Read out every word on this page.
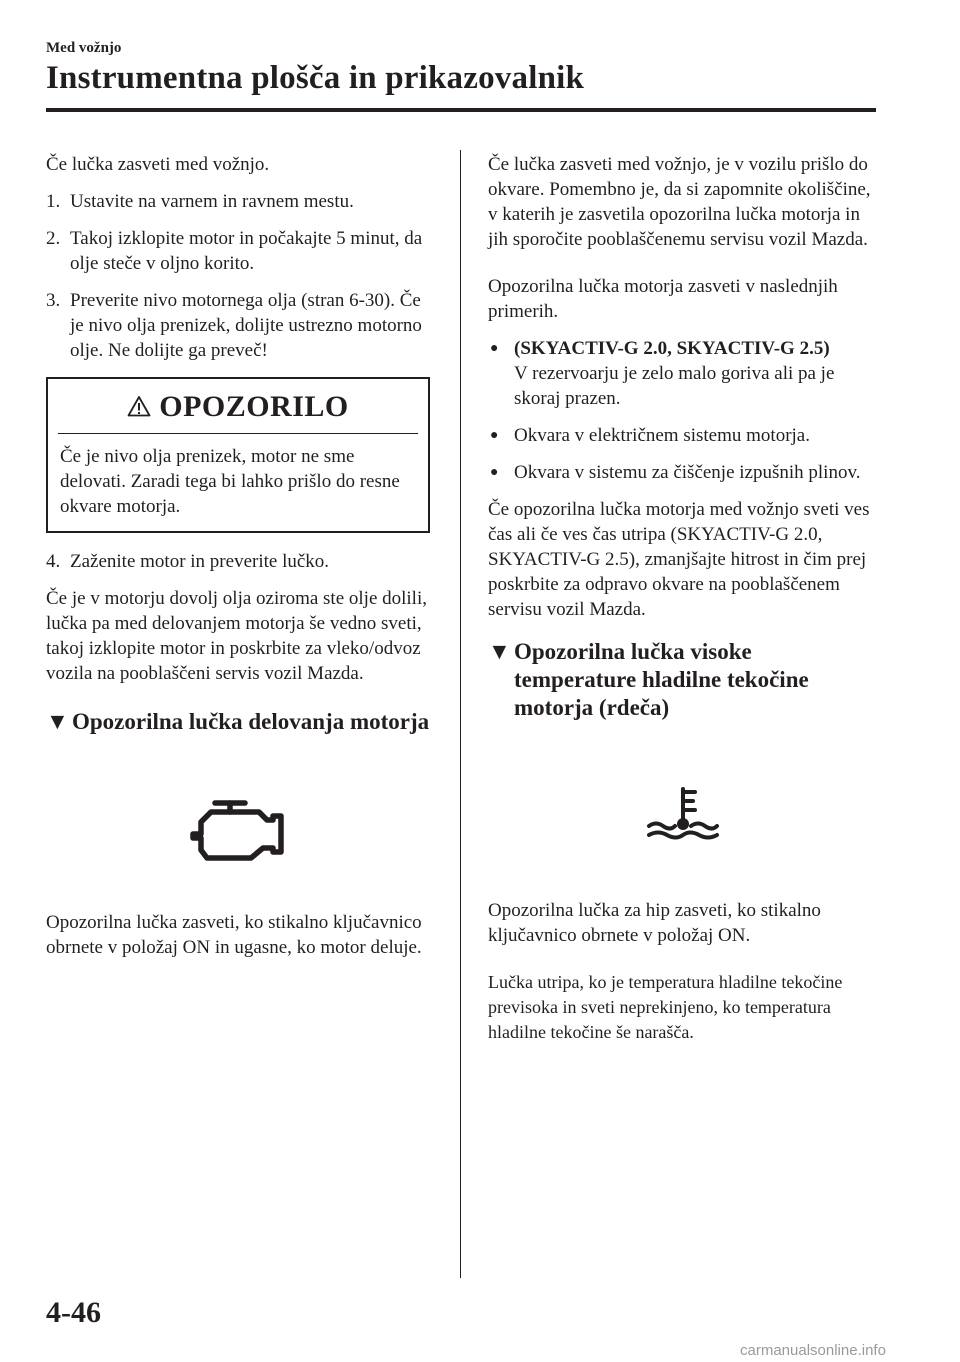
Med vožnjo
Instrumentna plošča in prikazovalnik

Če lučka zasveti med vožnjo.

1. Ustavite na varnem in ravnem mestu.
2. Takoj izklopite motor in počakajte 5 minut, da olje steče v oljno korito.
3. Preverite nivo motornega olja (stran 6-30). Če je nivo olja prenizek, dolijte ustrezno motorno olje. Ne dolijte ga preveč!
OPOZORILO
Če je nivo olja prenizek, motor ne sme delovati. Zaradi tega bi lahko prišlo do resne okvare motorja.
4. Zaženite motor in preverite lučko.

Če je v motorju dovolj olja oziroma ste olje dolili, lučka pa med delovanjem motorja še vedno sveti, takoj izklopite motor in poskrbite za vleko/odvoz vozila na pooblaščeni servis vozil Mazda.

▼ Opozorilna lučka delovanja motorja

Opozorilna lučka zasveti, ko stikalno ključavnico obrnete v položaj ON in ugasne, ko motor deluje.

Če lučka zasveti med vožnjo, je v vozilu prišlo do okvare. Pomembno je, da si zapomnite okoliščine, v katerih je zasvetila opozorilna lučka motorja in jih sporočite pooblaščenemu servisu vozil Mazda.

Opozorilna lučka motorja zasveti v naslednjih primerih.

● (SKYACTIV-G 2.0, SKYACTIV-G 2.5)
V rezervoarju je zelo malo goriva ali pa je skoraj prazen.
● Okvara v električnem sistemu motorja.
● Okvara v sistemu za čiščenje izpušnih plinov.

Če opozorilna lučka motorja med vožnjo sveti ves čas ali če ves čas utripa (SKYACTIV-G 2.0, SKYACTIV-G 2.5), zmanjšajte hitrost in čim prej poskrbite za odpravo okvare na pooblaščenem servisu vozil Mazda.

▼ Opozorilna lučka visoke temperature hladilne tekočine motorja (rdeča)

Opozorilna lučka za hip zasveti, ko stikalno ključavnico obrnete v položaj ON.

Lučka utripa, ko je temperatura hladilne tekočine previsoka in sveti neprekinjeno, ko temperatura hladilne tekočine še narašča.

4-46
carmanualsonline.info
